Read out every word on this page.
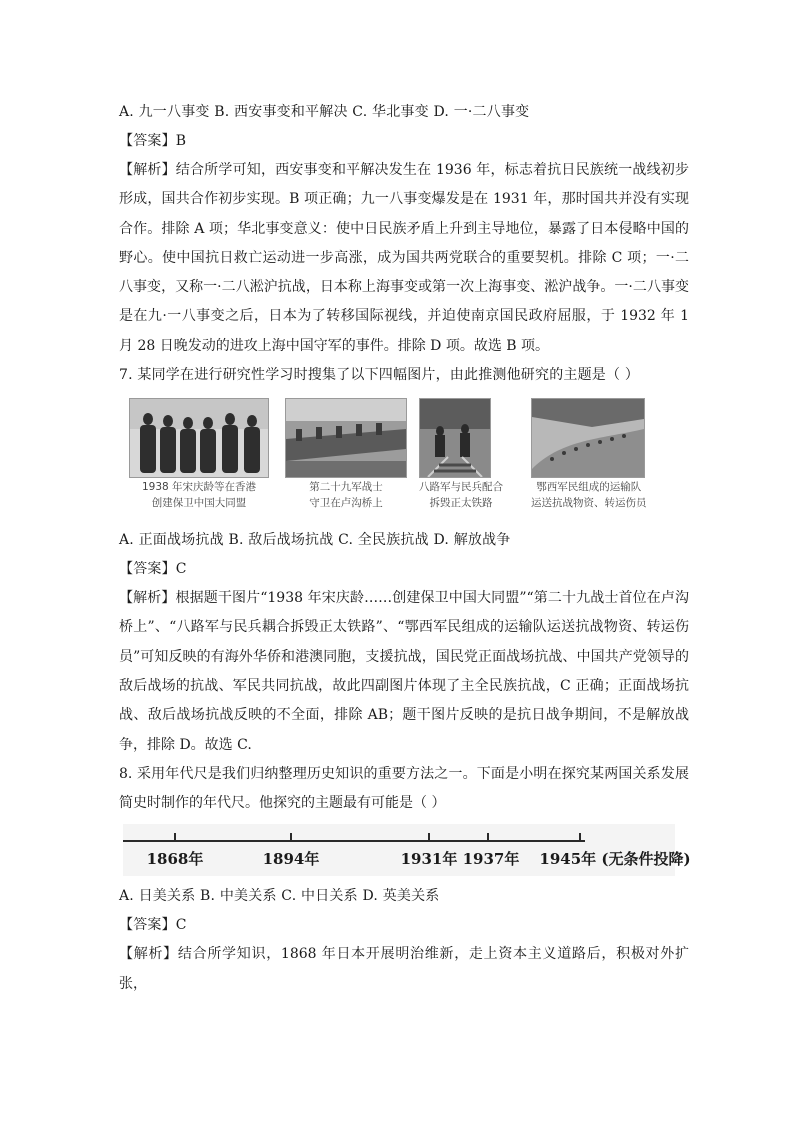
A. 九一八事变 B. 西安事变和平解决 C. 华北事变 D. 一·二八事变
【答案】B
【解析】结合所学可知，西安事变和平解决发生在 1936 年，标志着抗日民族统一战线初步形成，国共合作初步实现。B 项正确；九一八事变爆发是在 1931 年，那时国共并没有实现合作。排除 A 项；华北事变意义：使中日民族矛盾上升到主导地位，暴露了日本侵略中国的野心。使中国抗日救亡运动进一步高涨，成为国共两党联合的重要契机。排除 C 项；一·二八事变，又称一·二八淞沪抗战，日本称上海事变或第一次上海事变、淞沪战争。一·二八事变是在九·一八事变之后，日本为了转移国际视线，并迫使南京国民政府屈服，于 1932 年 1 月 28 日晚发动的进攻上海中国守军的事件。排除 D 项。故选 B 项。
7. 某同学在进行研究性学习时搜集了以下四幅图片，由此推测他研究的主题是（ ）
1938 年宋庆龄等在香港
创建保卫中国大同盟
第二十九军战士
守卫在卢沟桥上
八路军与民兵配合
拆毁正太铁路
鄂西军民组成的运输队
运送抗战物资、转运伤员
A. 正面战场抗战 B. 敌后战场抗战 C. 全民族抗战 D. 解放战争
【答案】C
【解析】根据题干图片“1938 年宋庆龄……创建保卫中国大同盟”“第二十九战士首位在卢沟桥上”、“八路军与民兵耦合拆毁正太铁路”、“鄂西军民组成的运输队运送抗战物资、转运伤员”可知反映的有海外华侨和港澳同胞，支援抗战，国民党正面战场抗战、中国共产党领导的敌后战场的抗战、军民共同抗战，故此四副图片体现了主全民族抗战，C 正确；正面战场抗战、敌后战场抗战反映的不全面，排除 AB；题干图片反映的是抗日战争期间，不是解放战争，排除 D。故选 C.
8. 采用年代尺是我们归纳整理历史知识的重要方法之一。下面是小明在探究某两国关系发展简史时制作的年代尺。他探究的主题最有可能是（ ）
1868年	1894年	1931年 1937年 1945年 (无条件投降)
A. 日美关系 B. 中美关系 C. 中日关系 D. 英美关系
【答案】C
【解析】结合所学知识，1868 年日本开展明治维新，走上资本主义道路后，积极对外扩张，
